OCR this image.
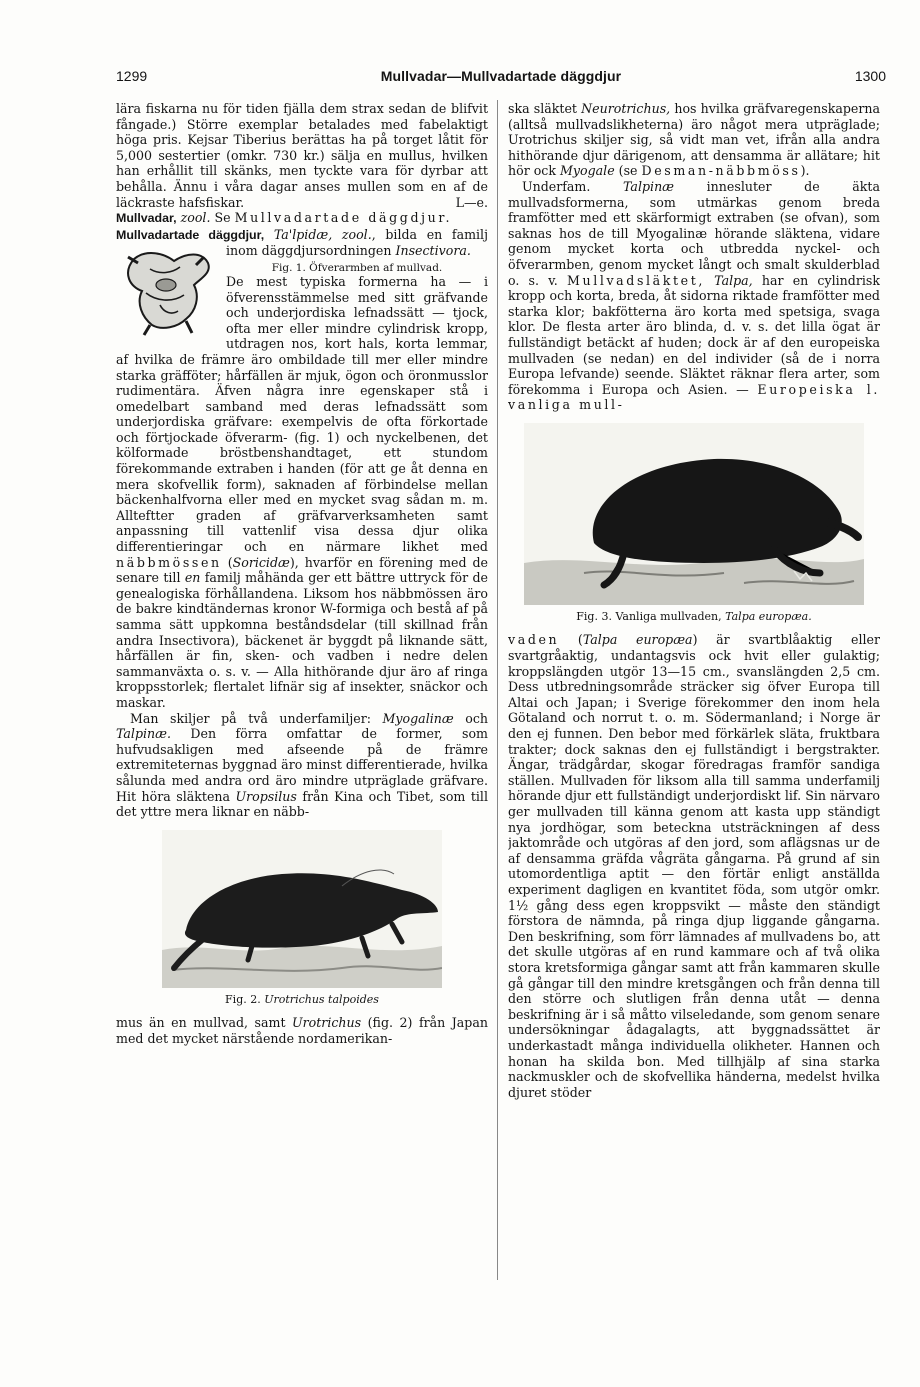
1299	Mullvadar—Mullvadartade däggdjur	1300

lära fiskarna nu för tiden fjälla dem strax sedan de blifvit fångade.) Större exemplar betalades med fabelaktigt höga pris. Kejsar Tiberius berättas ha på torget låtit för 5,000 sestertier (omkr. 730 kr.) sälja en mullus, hvilken han erhållit till skänks, men tyckte vara för dyrbar att behålla. Ännu i våra dagar anses mullen som en af de läckraste hafsfiskar.	L—e.

Mullvadar, zool. Se Mullvadartade däggdjur.

Mullvadartade däggdjur, Ta'lpidæ, zool., bilda en familj inom däggdjursordningen Insectivora.

Fig. 1. Öfverarmben af mullvad.
De mest typiska formerna ha — i öfverensstämmelse med sitt gräfvande och underjordiska lefnadssätt — tjock, ofta mer eller mindre cylindrisk kropp, utdragen nos, kort hals, korta lemmar, af hvilka de främre äro ombildade till mer eller mindre starka gräfföter; hårfällen är mjuk, ögon och öronmusslor rudimentära. Äfven några inre egenskaper stå i omedelbart samband med deras lefnadssätt som underjordiska gräfvare: exempelvis de ofta förkortade och förtjockade öfverarm- (fig. 1) och nyckelbenen, det kölformade bröstbenshandtaget, ett stundom förekommande extraben i handen (för att ge åt denna en mera skofvellik form), saknaden af förbindelse mellan bäckenhalfvorna eller med en mycket svag sådan m. m. Allteftter graden af gräfvarverksamheten samt anpassning till vattenlif visa dessa djur olika differentieringar och en närmare likhet med näbbmössen (Soricidæ), hvarför en förening med de senare till en familj måhända ger ett bättre uttryck för de genealogiska förhållandena. Liksom hos näbbmössen äro de bakre kindtändernas kronor W-formiga och bestå af på samma sätt uppkomna beståndsdelar (till skillnad från andra Insectivora), bäckenet är byggdt på liknande sätt, hårfällen är fin, sken- och vadben i nedre delen sammanväxta o. s. v. — Alla hithörande djur äro af ringa kroppsstorlek; flertalet lifnär sig af insekter, snäckor och maskar.

Man skiljer på två underfamiljer: Myogalinæ och Talpinæ. Den förra omfattar de former, som hufvudsakligen med afseende på de främre extremiteternas byggnad äro minst differentierade, hvilka sålunda med andra ord äro mindre utpräglade gräfvare. Hit höra släktena Uropsilus från Kina och Tibet, som till det yttre mera liknar en näbb-

Fig. 2. Urotrichus talpoides

mus än en mullvad, samt Urotrichus (fig. 2) från Japan med det mycket närstående nordamerikan-

ska släktet Neurotrichus, hos hvilka gräfvaregenskaperna (alltså mullvadslikheterna) äro något mera utpräglade; Urotrichus skiljer sig, så vidt man vet, ifrån alla andra hithörande djur därigenom, att densamma är allätare; hit hör ock Myogale (se Desman-näbbmöss).

Underfam.	Talpinæ	innesluter de äkta mullvadsformerna, som utmärkas genom breda framfötter med ett skärformigt extraben (se ofvan), som saknas hos de till Myogalinæ hörande släktena, vidare genom mycket korta och utbredda nyckel- och öfverarmben, genom mycket långt och smalt skulderblad o. s. v. Mullvadsläktet, Talpa, har en cylindrisk kropp och korta, breda, åt sidorna riktade framfötter med starka klor; bakfötterna äro korta med spetsiga, svaga klor. De flesta arter äro blinda, d. v. s. det lilla ögat är fullständigt betäckt af huden; dock är af den europeiska mullvaden (se nedan) en del individer (så de i norra Europa lefvande) seende. Släktet räknar flera arter, som förekomma i Europa och Asien. — Europeiska l. vanliga mull-

Fig. 3. Vanliga mullvaden, Talpa europæa.

vaden (Talpa europæa) är svartblåaktig eller svartgråaktig, undantagsvis ock hvit eller gulaktig; kroppslängden utgör 13—15 cm., svanslängden 2,5 cm. Dess utbredningsområde sträcker sig öfver Europa till Altai och Japan; i Sverige förekommer den inom hela Götaland och norrut t. o. m. Södermanland; i Norge är den ej funnen. Den bebor med förkärlek släta, fruktbara trakter; dock saknas den ej fullständigt i bergstrakter. Ängar, trädgårdar, skogar föredragas framför sandiga ställen. Mullvaden för liksom alla till samma underfamilj hörande djur ett fullständigt underjordiskt lif. Sin närvaro ger mullvaden till känna genom att kasta upp ständigt nya jordhögar, som beteckna utsträckningen af dess jaktområde och utgöras af den jord, som aflägsnas ur de af densamma gräfda vågräta gångarna. På grund af sin utomordentliga aptit — den förtär enligt anställda experiment dagligen en kvantitet föda, som utgör omkr. 1½ gång dess egen kroppsvikt — måste den ständigt förstora de nämnda, på ringa djup liggande gångarna. Den beskrifning, som förr lämnades af mullvadens bo, att det skulle utgöras af en rund kammare och af två olika stora kretsformiga gångar samt att från kammaren skulle gå gångar till den mindre kretsgången och från denna till den större och slutligen från denna utåt — denna beskrifning är i så måtto vilseledande, som genom senare undersökningar ådagalagts, att byggnadssättet är underkastadt många individuella olikheter. Hannen och honan ha skilda bon. Med tillhjälp af sina starka nackmuskler och de skofvellika händerna, medelst hvilka djuret stöder
